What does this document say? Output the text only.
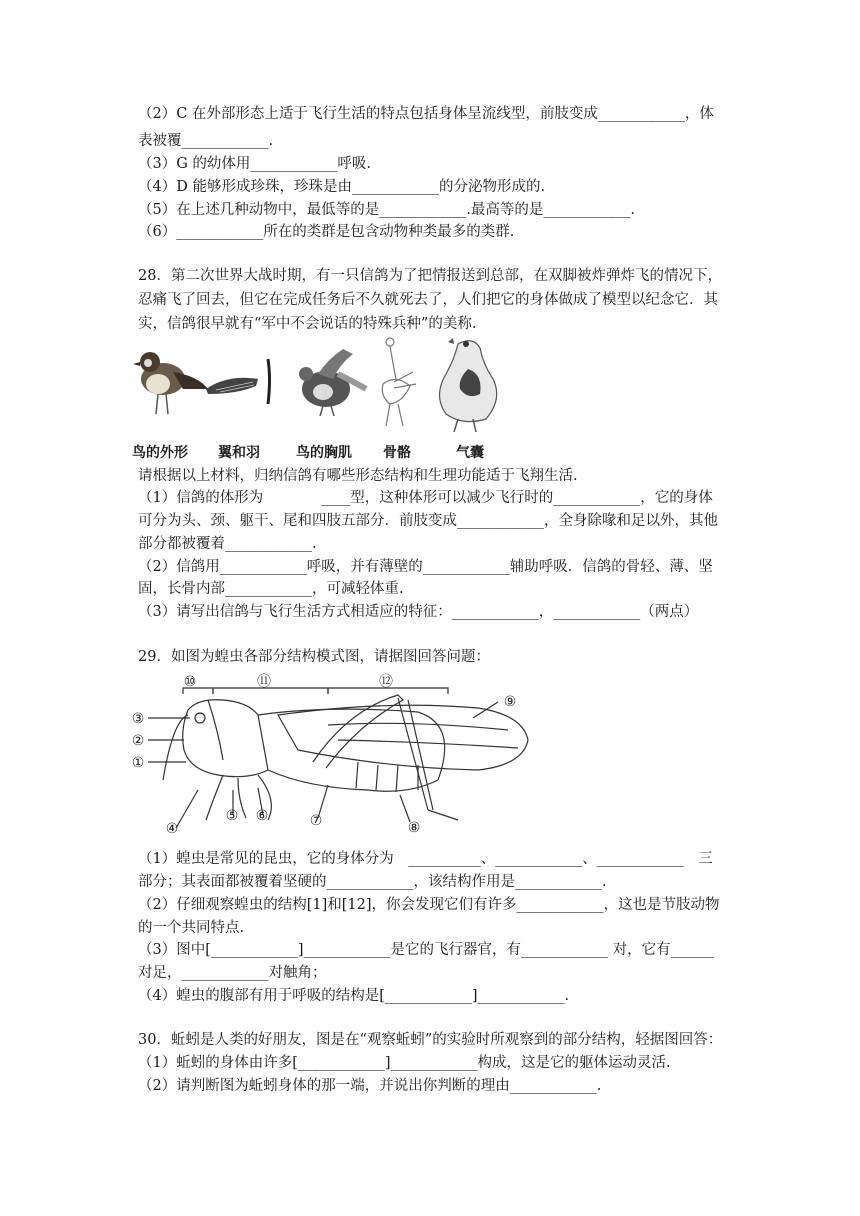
（2）C 在外部形态上适于飞行生活的特点包括身体呈流线型，前肢变成____________，体
表被覆____________.
（3）G 的幼体用____________呼吸.
（4）D 能够形成珍珠，珍珠是由____________的分泌物形成的.
（5）在上述几种动物中，最低等的是____________.最高等的是____________.
（6）____________所在的类群是包含动物种类最多的类群.
28．第二次世界大战时期，有一只信鸽为了把情报送到总部，在双脚被炸弹炸飞的情况下，
忍痛飞了回去，但它在完成任务后不久就死去了，人们把它的身体做成了模型以纪念它．其
实，信鸽很早就有“军中不会说话的特殊兵种”的美称.
鸟的外形 翼和羽	鸟的胸肌 骨骼	气囊
请根据以上材料，归纳信鸽有哪些形态结构和生理功能适于飞翔生活.
（1）信鸽的体形为　　　　____型，这种体形可以减少飞行时的____________，它的身体
可分为头、颈、躯干、尾和四肢五部分．前肢变成____________，全身除喙和足以外，其他
部分都被覆着____________.
（2）信鸽用____________呼吸，并有薄壁的____________辅助呼吸．信鸽的骨轻、薄、坚
固，长骨内部____________，可减轻体重.
（3）请写出信鸽与飞行生活方式相适应的特征：____________，____________（两点）
29．如图为蝗虫各部分结构模式图，请据图回答问题：
⑩	⑪	⑫
⑨
③
②
①
④
⑤ ⑥	⑦	⑧
（1）蝗虫是常见的昆虫，它的身体分为　__________、____________、____________　三
部分；其表面都被覆着坚硬的____________，该结构作用是____________.
（2）仔细观察蝗虫的结构[1]和[12]，你会发现它们有许多____________，这也是节肢动物
的一个共同特点.
（3）图中[____________]____________是它的飞行器官，有____________ 对，它有______
对足，____________对触角；
（4）蝗虫的腹部有用于呼吸的结构是[____________]____________.
30．蚯蚓是人类的好朋友，图是在“观察蚯蚓”的实验时所观察到的部分结构，轻据图回答：
（1）蚯蚓的身体由许多[____________]____________构成，这是它的躯体运动灵活.
（2）请判断图为蚯蚓身体的那一端，并说出你判断的理由____________.
